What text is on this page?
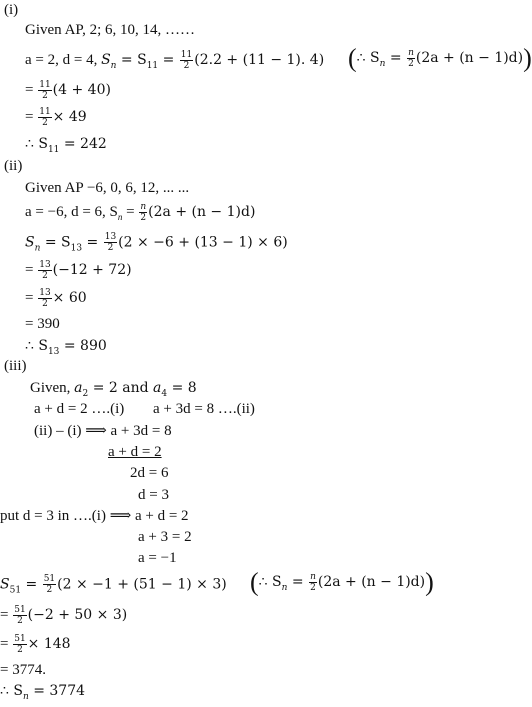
(i)
Given AP, 2; 6, 10, 14, ……
a = 2, d = 4, $S_n = S_{11} = \frac{11}{2} (2.2 + (11 - 1)$. 4) (∴ $S_n = \frac{n}{2} (2a + (n - 1)d)$)
= $\frac{11}{2} (4 + 40)$
= $\frac{11}{2} \times 49$
∴ $S_{11} = 242$
(ii)
Given AP −6, 0, 6, 12, ... ...
a = −6, d = 6, $S_n = \frac{n}{2} (2a + (n - 1)d)$
$S_n = S_{13} = \frac{13}{2} (2 \times -6 + (13 - 1) \times 6)$
= $\frac{13}{2} (-12 + 72)$
= $\frac{13}{2} \times 60$
= 390
∴ $S_{13} = 890$
(iii)
Given, $a_2 = 2$ and $a_4 = 8$
a + d = 2 ….(i) a + 3d = 8 ….(ii)
(ii) – (i) ⟹ a + 3d = 8
a + d = 2
2d = 6
d = 3
put d = 3 in ….(i) ⟹ a + d = 2
a + 3 = 2
a = −1
$S_{51} = \frac{51}{2} (2 \times -1 + (51 - 1) \times 3)$ (∴ $S_n = \frac{n}{2} (2a + (n - 1)d)$)
= $\frac{51}{2} (-2 + 50 \times 3)$
= $\frac{51}{2} \times 148$
= 3774.
∴ $S_n = 3774$
